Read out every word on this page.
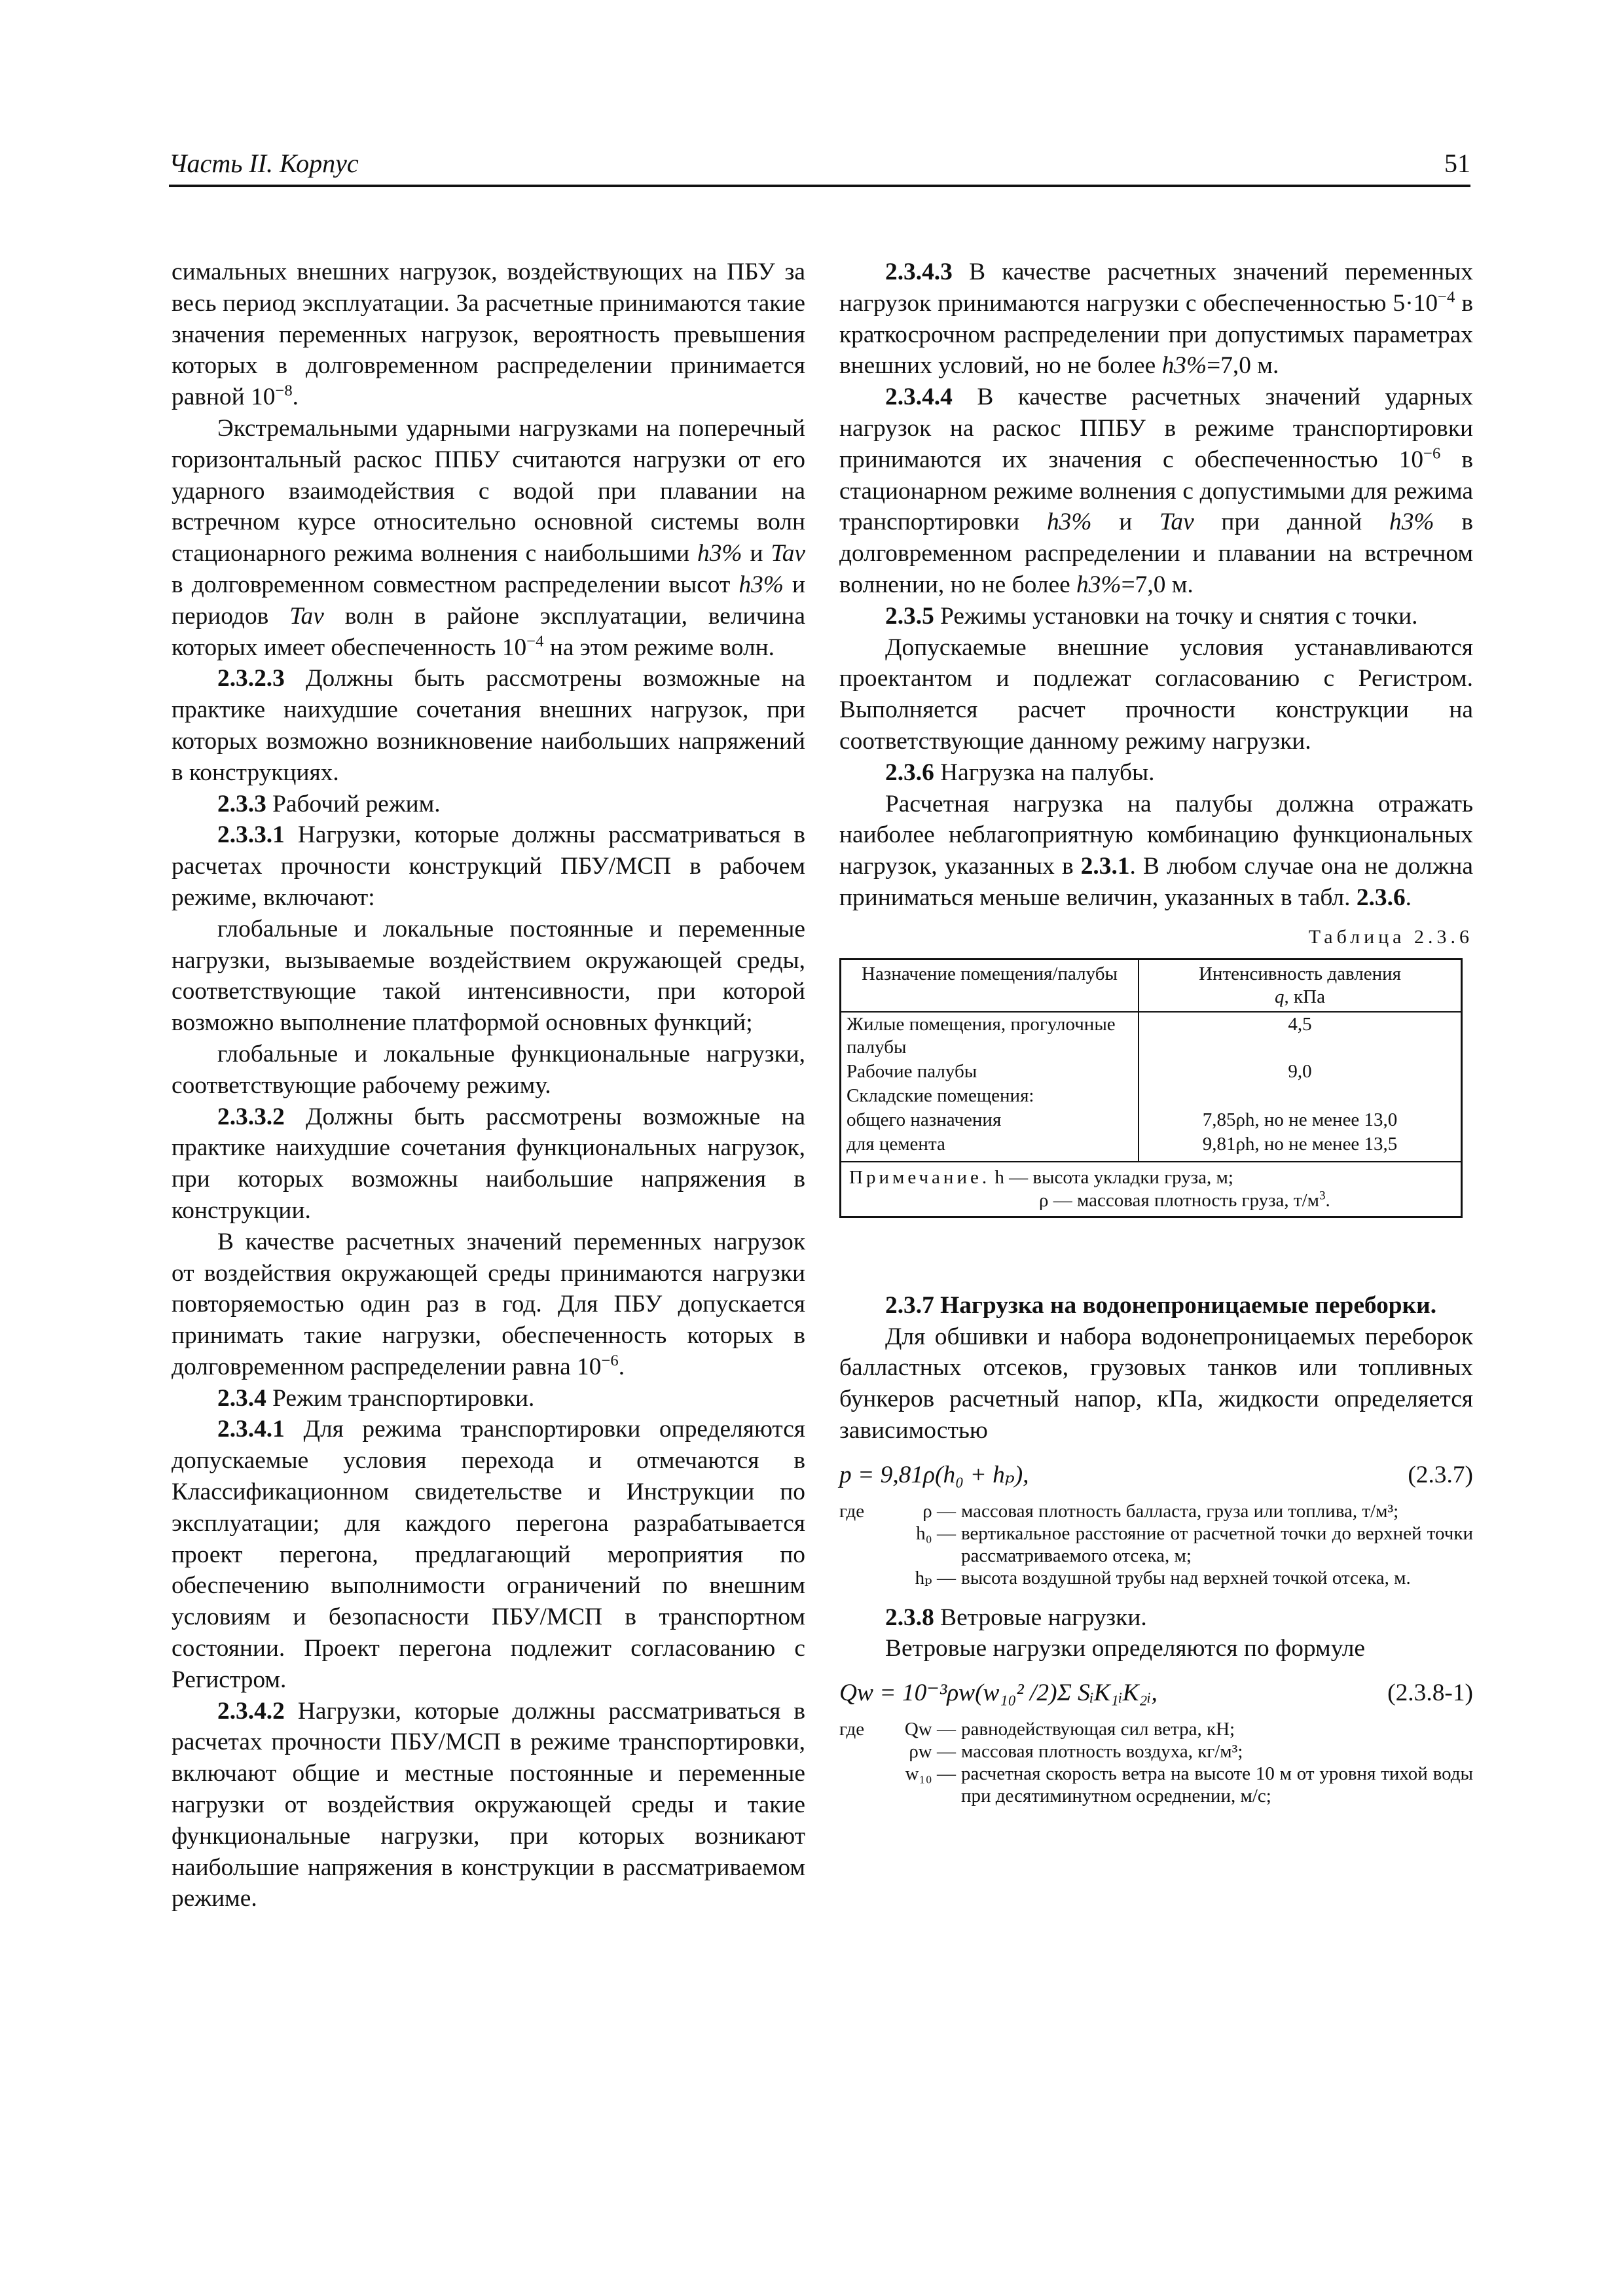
Часть II. Корпус	51

симальных внешних нагрузок, воздействующих на ПБУ за весь период эксплуатации. За расчетные принимаются такие значения переменных нагрузок, вероятность превышения которых в долговременном распределении принимается равной $10^{-8}$.

Экстремальными ударными нагрузками на поперечный горизонтальный раскос ППБУ считаются нагрузки от его ударного взаимодействия с водой при плавании на встречном курсе относительно основной системы волн стационарного режима волнения с наибольшими h3% и Tav в долговременном совместном распределении высот h3% и периодов Tav волн в районе эксплуатации, величина которых имеет обеспеченность $10^{-4}$ на этом режиме волн.

2.3.2.3 Должны быть рассмотрены возможные на практике наихудшие сочетания внешних нагрузок, при которых возможно возникновение наибольших напряжений в конструкциях.

2.3.3 Рабочий режим.

2.3.3.1 Нагрузки, которые должны рассматриваться в расчетах прочности конструкций ПБУ/МСП в рабочем режиме, включают:

глобальные и локальные постоянные и переменные нагрузки, вызываемые воздействием окружающей среды, соответствующие такой интенсивности, при которой возможно выполнение платформой основных функций;

глобальные и локальные функциональные нагрузки, соответствующие рабочему режиму.

2.3.3.2 Должны быть рассмотрены возможные на практике наихудшие сочетания функциональных нагрузок, при которых возможны наибольшие напряжения в конструкции.

В качестве расчетных значений переменных нагрузок от воздействия окружающей среды принимаются нагрузки повторяемостью один раз в год. Для ПБУ допускается принимать такие нагрузки, обеспеченность которых в долговременном распределении равна $10^{-6}$.

2.3.4 Режим транспортировки.

2.3.4.1 Для режима транспортировки определяются допускаемые условия перехода и отмечаются в Классификационном свидетельстве и Инструкции по эксплуатации; для каждого перегона разрабатывается проект перегона, предлагающий мероприятия по обеспечению выполнимости ограничений по внешним условиям и безопасности ПБУ/МСП в транспортном состоянии. Проект перегона подлежит согласованию с Регистром.

2.3.4.2 Нагрузки, которые должны рассматриваться в расчетах прочности ПБУ/МСП в режиме транспортировки, включают общие и местные постоянные и переменные нагрузки от воздействия окружающей среды и такие функциональные нагрузки, при которых возникают наибольшие напряжения в конструкции в рассматриваемом режиме.

2.3.4.3 В качестве расчетных значений переменных нагрузок принимаются нагрузки с обеспеченностью $5\cdot 10^{-4}$ в краткосрочном распределении при допустимых параметрах внешних условий, но не более h3%=7,0 м.

2.3.4.4 В качестве расчетных значений ударных нагрузок на раскос ППБУ в режиме транспортировки принимаются их значения с обеспеченностью $10^{-6}$ в стационарном режиме волнения с допустимыми для режима транспортировки h3% и Tav при данной h3% в долговременном распределении и плавании на встречном волнении, но не более h3%=7,0 м.

2.3.5 Режимы установки на точку и снятия с точки.

Допускаемые внешние условия устанавливаются проектантом и подлежат согласованию с Регистром. Выполняется расчет прочности конструкции на соответствующие данному режиму нагрузки.

2.3.6 Нагрузка на палубы.

Расчетная нагрузка на палубы должна отражать наиболее неблагоприятную комбинацию функциональных нагрузок, указанных в 2.3.1. В любом случае она не должна приниматься меньше величин, указанных в табл. 2.3.6.

Таблица 2.3.6
Назначение помещения/палубы	Интенсивность давления
q, кПа
Жилые помещения, прогулочные палубы	4,5
Рабочие палубы	9,0
Складские помещения:	
общего назначения	7,85ρh, но не менее 13,0
для цемента	9,81ρh, но не менее 13,5

Примечание. h — высота укладки груза, м;
ρ — массовая плотность груза, $т/м^3$.	

2.3.7 Нагрузка на водонепроницаемые переборки.

Для обшивки и набора водонепроницаемых переборок балластных отсеков, грузовых танков или топливных бункеров расчетный напор, кПа, жидкости определяется зависимостью

p = 9,81ρ(h₀ + hₚ),	(2.3.7)
где	ρ — массовая плотность балласта, груза или топлива, т/м³;
h₀ — вертикальное расстояние от расчетной точки до верхней точки рассматриваемого отсека, м;
hₚ — высота воздушной трубы над верхней точкой отсека, м.

2.3.8 Ветровые нагрузки.

Ветровые нагрузки определяются по формуле

Qw = 10⁻³ρw(w₁₀² /2)Σ SᵢK₁ᵢK₂ᵢ,	(2.3.8-1)
где	Qw — равнодействующая сил ветра, кН;
ρw — массовая плотность воздуха, кг/м³;
w₁₀ — расчетная скорость ветра на высоте 10 м от уровня тихой воды при десятиминутном осреднении, м/с;
